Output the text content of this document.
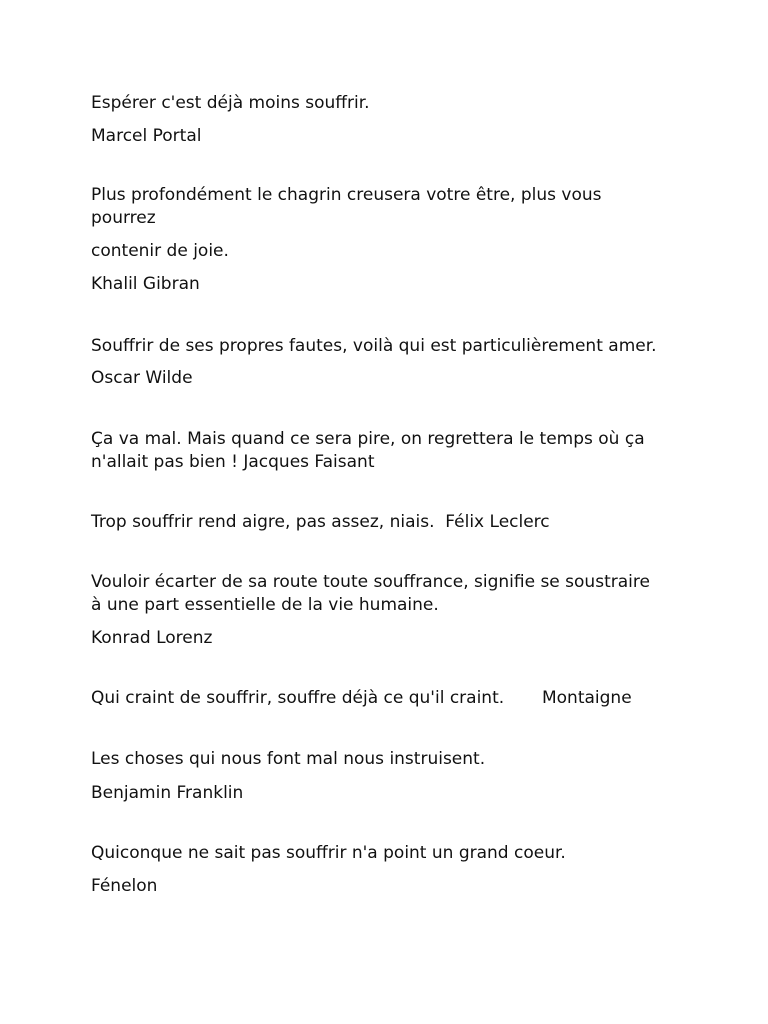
Espérer c'est déjà moins souffrir.

Marcel Portal

Plus profondément le chagrin creusera votre être, plus vous

pourrez

contenir de joie.

Khalil Gibran

Souffrir de ses propres fautes, voilà qui est particulièrement amer.

Oscar Wilde

Ça va mal. Mais quand ce sera pire, on regrettera le temps où ça

n'allait pas bien ! Jacques Faisant

Trop souffrir rend aigre, pas assez, niais.  Félix Leclerc

Vouloir écarter de sa route toute souffrance, signifie se soustraire

à une part essentielle de la vie humaine.

Konrad Lorenz

Qui craint de souffrir, souffre déjà ce qu'il craint.       Montaigne

Les choses qui nous font mal nous instruisent.

Benjamin Franklin

Quiconque ne sait pas souffrir n'a point un grand coeur.

Fénelon
